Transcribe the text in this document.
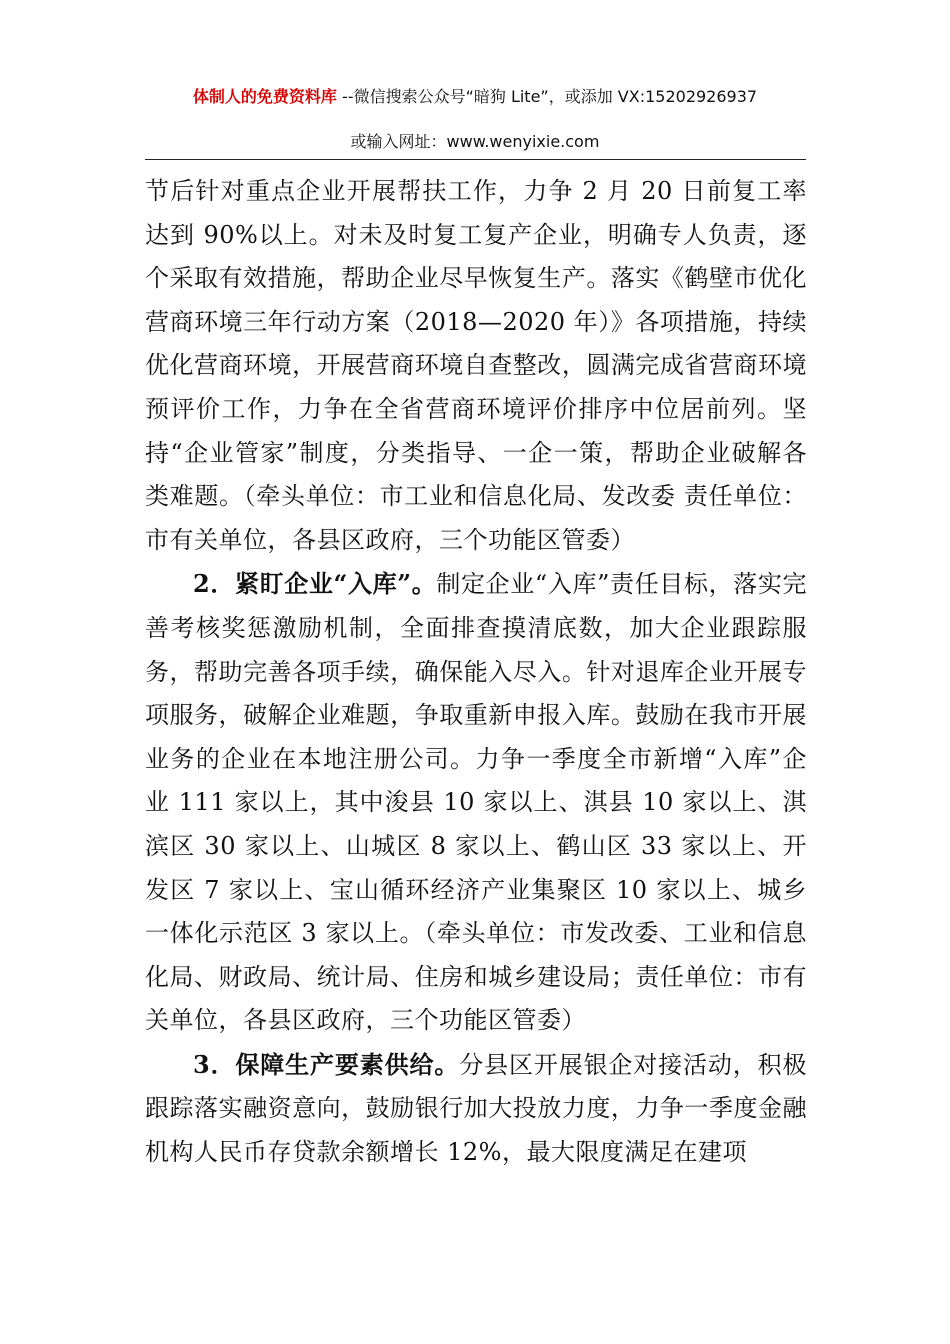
体制人的免费资料库 --微信搜索公众号“暗狗 Lite”，或添加 VX:15202926937
或输入网址：www.wenyixie.com

节后针对重点企业开展帮扶工作，力争 2 月 20 日前复工率达到 90%以上。对未及时复工复产企业，明确专人负责，逐个采取有效措施，帮助企业尽早恢复生产。落实《鹤壁市优化营商环境三年行动方案（2018—2020 年）》各项措施，持续优化营商环境，开展营商环境自查整改，圆满完成省营商环境预评价工作，力争在全省营商环境评价排序中位居前列。坚持“企业管家”制度，分类指导、一企一策，帮助企业破解各类难题。（牵头单位：市工业和信息化局、发改委 责任单位：市有关单位，各县区政府，三个功能区管委）

2．紧盯企业“入库”。制定企业“入库”责任目标，落实完善考核奖惩激励机制，全面排查摸清底数，加大企业跟踪服务，帮助完善各项手续，确保能入尽入。针对退库企业开展专项服务，破解企业难题，争取重新申报入库。鼓励在我市开展业务的企业在本地注册公司。力争一季度全市新增“入库”企业 111 家以上，其中浚县 10 家以上、淇县 10 家以上、淇滨区 30 家以上、山城区 8 家以上、鹤山区 33 家以上、开发区 7 家以上、宝山循环经济产业集聚区 10 家以上、城乡一体化示范区 3 家以上。（牵头单位：市发改委、工业和信息化局、财政局、统计局、住房和城乡建设局；责任单位：市有关单位，各县区政府，三个功能区管委）

3．保障生产要素供给。分县区开展银企对接活动，积极跟踪落实融资意向，鼓励银行加大投放力度，力争一季度金融机构人民币存贷款余额增长 12%，最大限度满足在建项
